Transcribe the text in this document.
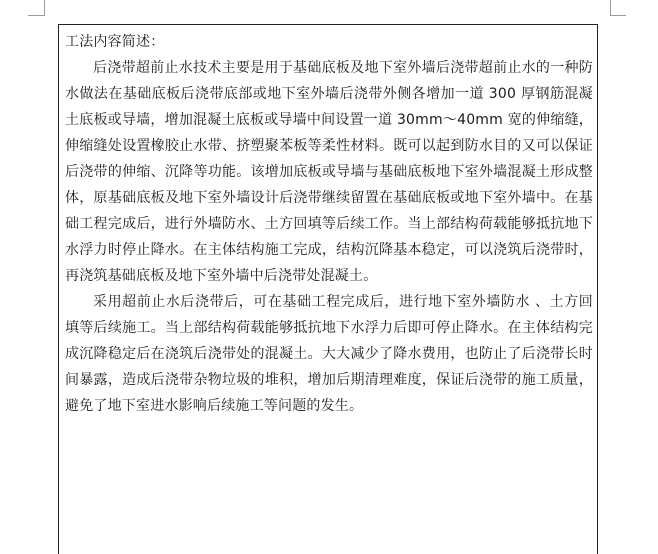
工法内容简述：

后浇带超前止水技术主要是用于基础底板及地下室外墙后浇带超前止水的一种防水做法在基础底板后浇带底部或地下室外墙后浇带外侧各增加一道 300 厚钢筋混凝土底板或导墙，增加混凝土底板或导墙中间设置一道 30mm～40mm 宽的伸缩缝，伸缩缝处设置橡胶止水带、挤塑聚苯板等柔性材料。既可以起到防水目的又可以保证后浇带的伸缩、沉降等功能。该增加底板或导墙与基础底板地下室外墙混凝土形成整体，原基础底板及地下室外墙设计后浇带继续留置在基础底板或地下室外墙中。在基础工程完成后，进行外墙防水、土方回填等后续工作。当上部结构荷载能够抵抗地下水浮力时停止降水。在主体结构施工完成，结构沉降基本稳定，可以浇筑后浇带时，再浇筑基础底板及地下室外墙中后浇带处混凝土。

采用超前止水后浇带后，可在基础工程完成后，进行地下室外墙防水 、土方回填等后续施工。当上部结构荷载能够抵抗地下水浮力后即可停止降水。在主体结构完成沉降稳定后在浇筑后浇带处的混凝土。大大减少了降水费用，也防止了后浇带长时间暴露，造成后浇带杂物垃圾的堆积，增加后期清理难度，保证后浇带的施工质量，避免了地下室进水影响后续施工等问题的发生。
